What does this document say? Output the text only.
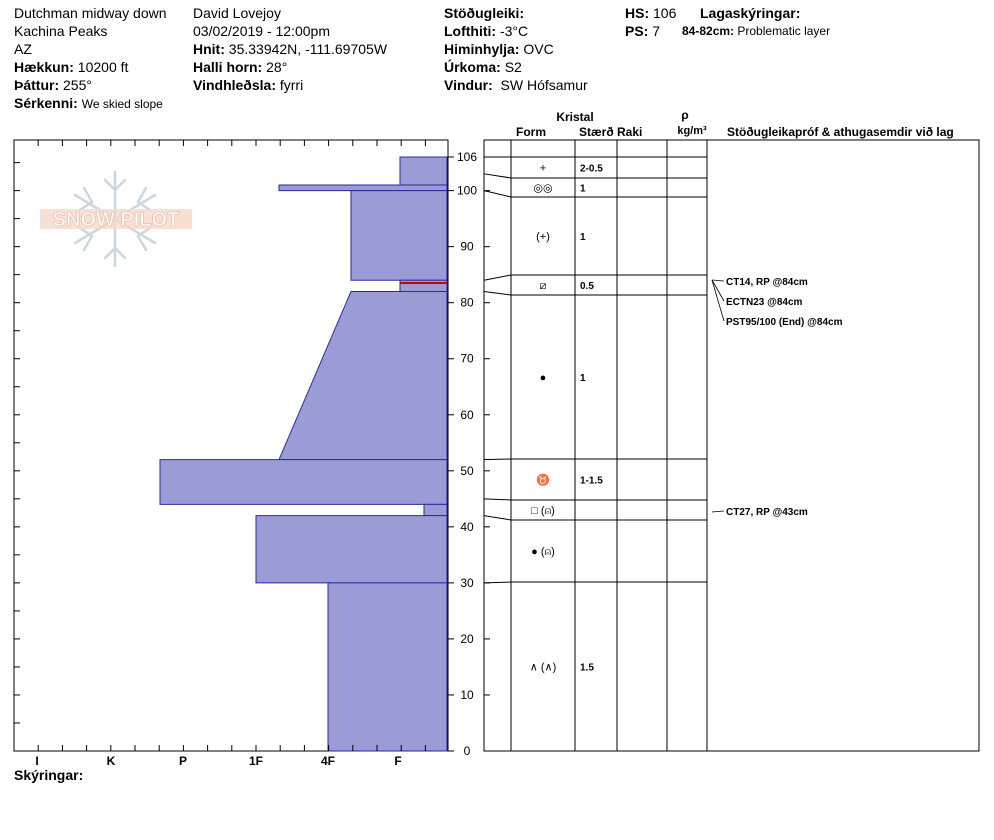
Dutchman midway down
Kachina Peaks
AZ
Hækkun: 10200 ft
Þáttur: 255°
Sérkenni: We skied slope
David Lovejoy
03/02/2019 - 12:00pm
Hnit: 35.33942N, -111.69705W
Halli horn: 28°
Vindhleðsla: fyrri
Stöðugleiki:
Lofthiti: -3°C
Himinhylja: OVC
Úrkoma: S2
Vindur: SW Hófsamur
HS: 106
PS: 7
Lagaskýringar:
84-82cm: Problematic layer
Skýringar:
SNOW PILOT
I	K	P	1F	4F	F
0
10
20
30
40
50
60
70
80
90
100
106
Kristal
Form	Stærð Raki
ρ
kg/m³ Stöðugleikapróf & athugasemdir við lag
+	2-0.5
◎◎	1
(+)	1
⧄	0.5
●	1
♉	1-1.5
□ (⍝)
● (⍝)
∧ (∧) 1.5
CT14, RP @84cm
ECTN23 @84cm
PST95/100 (End) @84cm
CT27, RP @43cm
